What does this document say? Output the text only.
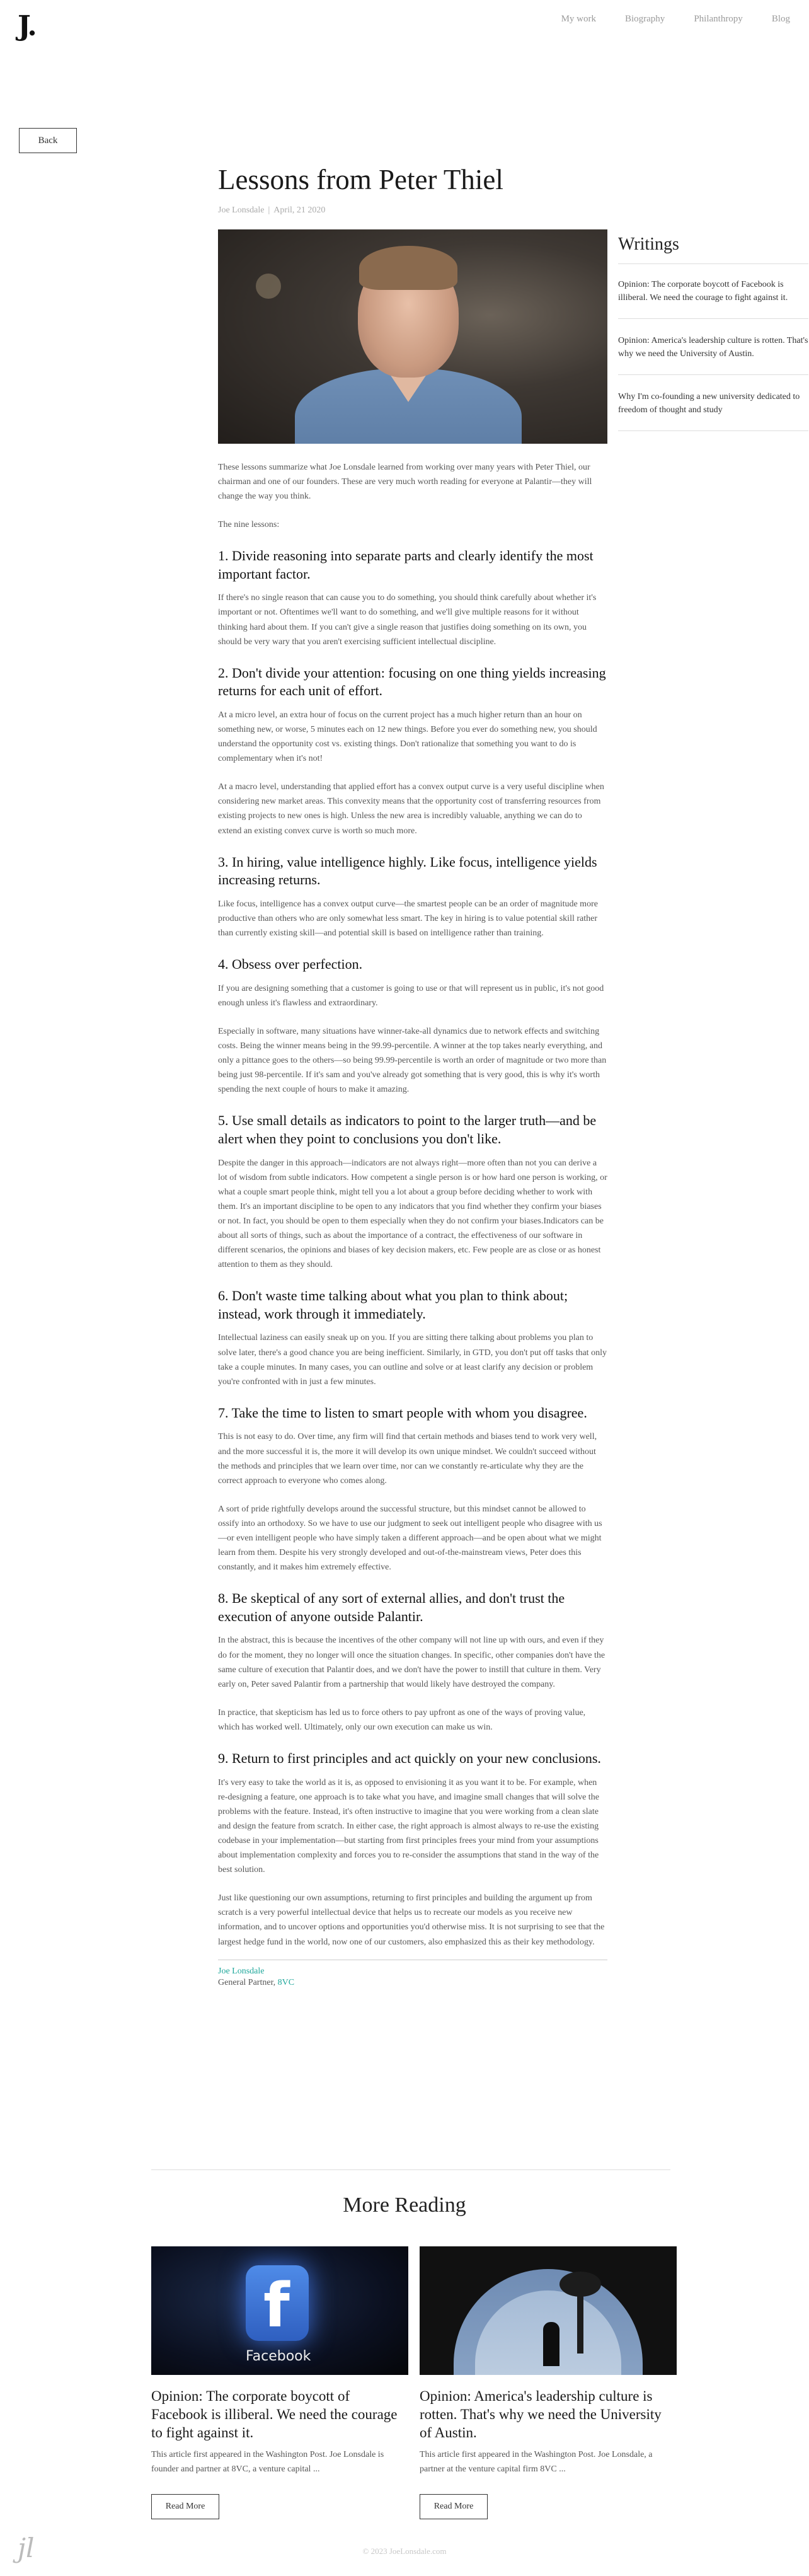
J.	My work	Biography	Philanthropy	Blog
Back
Lessons from Peter Thiel
Joe Lonsdale | April, 21 2020

These lessons summarize what Joe Lonsdale learned from working over many years with Peter Thiel, our chairman and one of our founders. These are very much worth reading for everyone at Palantir—they will change the way you think.

The nine lessons:

1. Divide reasoning into separate parts and clearly identify the most important factor.

If there's no single reason that can cause you to do something, you should think carefully about whether it's important or not. Oftentimes we'll want to do something, and we'll give multiple reasons for it without thinking hard about them. If you can't give a single reason that justifies doing something on its own, you should be very wary that you aren't exercising sufficient intellectual discipline.

2. Don't divide your attention: focusing on one thing yields increasing returns for each unit of effort.

At a micro level, an extra hour of focus on the current project has a much higher return than an hour on something new, or worse, 5 minutes each on 12 new things. Before you ever do something new, you should understand the opportunity cost vs. existing things. Don't rationalize that something you want to do is complementary when it's not!

At a macro level, understanding that applied effort has a convex output curve is a very useful discipline when considering new market areas. This convexity means that the opportunity cost of transferring resources from existing projects to new ones is high. Unless the new area is incredibly valuable, anything we can do to extend an existing convex curve is worth so much more.

3. In hiring, value intelligence highly. Like focus, intelligence yields increasing returns.

Like focus, intelligence has a convex output curve—the smartest people can be an order of magnitude more productive than others who are only somewhat less smart. The key in hiring is to value potential skill rather than currently existing skill—and potential skill is based on intelligence rather than training.

4. Obsess over perfection.

If you are designing something that a customer is going to use or that will represent us in public, it's not good enough unless it's flawless and extraordinary.

Especially in software, many situations have winner-take-all dynamics due to network effects and switching costs. Being the winner means being in the 99.99-percentile. A winner at the top takes nearly everything, and only a pittance goes to the others—so being 99.99-percentile is worth an order of magnitude or two more than being just 98-percentile. If it's sam and you've already got something that is very good, this is why it's worth spending the next couple of hours to make it amazing.

5. Use small details as indicators to point to the larger truth—and be alert when they point to conclusions you don't like.

Despite the danger in this approach—indicators are not always right—more often than not you can derive a lot of wisdom from subtle indicators. How competent a single person is or how hard one person is working, or what a couple smart people think, might tell you a lot about a group before deciding whether to work with them. It's an important discipline to be open to any indicators that you find whether they confirm your biases or not. In fact, you should be open to them especially when they do not confirm your biases.Indicators can be about all sorts of things, such as about the importance of a contract, the effectiveness of our software in different scenarios, the opinions and biases of key decision makers, etc. Few people are as close or as honest attention to them as they should.

6. Don't waste time talking about what you plan to think about; instead, work through it immediately.

Intellectual laziness can easily sneak up on you. If you are sitting there talking about problems you plan to solve later, there's a good chance you are being inefficient. Similarly, in GTD, you don't put off tasks that only take a couple minutes. In many cases, you can outline and solve or at least clarify any decision or problem you're confronted with in just a few minutes.

7. Take the time to listen to smart people with whom you disagree.

This is not easy to do. Over time, any firm will find that certain methods and biases tend to work very well, and the more successful it is, the more it will develop its own unique mindset. We couldn't succeed without the methods and principles that we learn over time, nor can we constantly re-articulate why they are the correct approach to everyone who comes along.

A sort of pride rightfully develops around the successful structure, but this mindset cannot be allowed to ossify into an orthodoxy. So we have to use our judgment to seek out intelligent people who disagree with us—or even intelligent people who have simply taken a different approach—and be open about what we might learn from them. Despite his very strongly developed and out-of-the-mainstream views, Peter does this constantly, and it makes him extremely effective.

8. Be skeptical of any sort of external allies, and don't trust the execution of anyone outside Palantir.

In the abstract, this is because the incentives of the other company will not line up with ours, and even if they do for the moment, they no longer will once the situation changes. In specific, other companies don't have the same culture of execution that Palantir does, and we don't have the power to instill that culture in them. Very early on, Peter saved Palantir from a partnership that would likely have destroyed the company.

In practice, that skepticism has led us to force others to pay upfront as one of the ways of proving value, which has worked well. Ultimately, only our own execution can make us win.

9. Return to first principles and act quickly on your new conclusions.

It's very easy to take the world as it is, as opposed to envisioning it as you want it to be. For example, when re-designing a feature, one approach is to take what you have, and imagine small changes that will solve the problems with the feature. Instead, it's often instructive to imagine that you were working from a clean slate and design the feature from scratch. In either case, the right approach is almost always to re-use the existing codebase in your implementation—but starting from first principles frees your mind from your assumptions about implementation complexity and forces you to re-consider the assumptions that stand in the way of the best solution.

Just like questioning our own assumptions, returning to first principles and building the argument up from scratch is a very powerful intellectual device that helps us to recreate our models as you receive new information, and to uncover options and opportunities you'd otherwise miss. It is not surprising to see that the largest hedge fund in the world, now one of our customers, also emphasized this as their key methodology.

Joe Lonsdale
General Partner, 8VC
Writings
Opinion: The corporate boycott of Facebook is illiberal. We need the courage to fight against it.
Opinion: America's leadership culture is rotten. That's why we need the University of Austin.
Why I'm co-founding a new university dedicated to freedom of thought and study
More Reading
f
Facebook
Opinion: The corporate boycott of Facebook is illiberal. We need the courage to fight against it.
This article first appeared in the Washington Post. Joe Lonsdale is founder and partner at 8VC, a venture capital ...
Read More
Opinion: America's leadership culture is rotten. That's why we need the University of Austin.
This article first appeared in the Washington Post. Joe Lonsdale, a partner at the venture capital firm 8VC ...
Read More
jl	© 2023 JoeLonsdale.com
